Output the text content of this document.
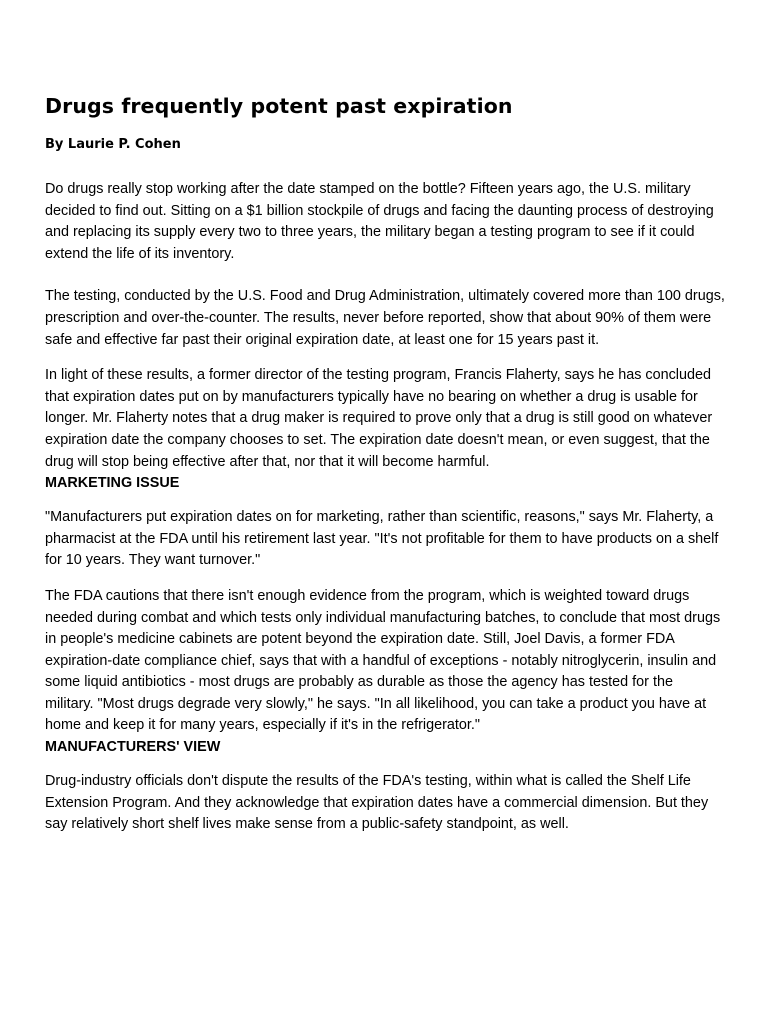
Drugs frequently potent past expiration
By Laurie P. Cohen

Do drugs really stop working after the date stamped on the bottle? Fifteen years ago, the U.S. military decided to find out. Sitting on a $1 billion stockpile of drugs and facing the daunting process of destroying and replacing its supply every two to three years, the military began a testing program to see if it could extend the life of its inventory.

The testing, conducted by the U.S. Food and Drug Administration, ultimately covered more than 100 drugs, prescription and over-the-counter. The results, never before reported, show that about 90% of them were safe and effective far past their original expiration date, at least one for 15 years past it.

In light of these results, a former director of the testing program, Francis Flaherty, says he has concluded that expiration dates put on by manufacturers typically have no bearing on whether a drug is usable for longer. Mr. Flaherty notes that a drug maker is required to prove only that a drug is still good on whatever expiration date the company chooses to set. The expiration date doesn't mean, or even suggest, that the drug will stop being effective after that, nor that it will become harmful.

MARKETING ISSUE

"Manufacturers put expiration dates on for marketing, rather than scientific, reasons," says Mr. Flaherty, a pharmacist at the FDA until his retirement last year. "It's not profitable for them to have products on a shelf for 10 years. They want turnover."

The FDA cautions that there isn't enough evidence from the program, which is weighted toward drugs needed during combat and which tests only individual manufacturing batches, to conclude that most drugs in people's medicine cabinets are potent beyond the expiration date. Still, Joel Davis, a former FDA expiration-date compliance chief, says that with a handful of exceptions - notably nitroglycerin, insulin and some liquid antibiotics - most drugs are probably as durable as those the agency has tested for the military. "Most drugs degrade very slowly," he says. "In all likelihood, you can take a product you have at home and keep it for many years, especially if it's in the refrigerator."

MANUFACTURERS' VIEW

Drug-industry officials don't dispute the results of the FDA's testing, within what is called the Shelf Life Extension Program. And they acknowledge that expiration dates have a commercial dimension. But they say relatively short shelf lives make sense from a public-safety standpoint, as well.
